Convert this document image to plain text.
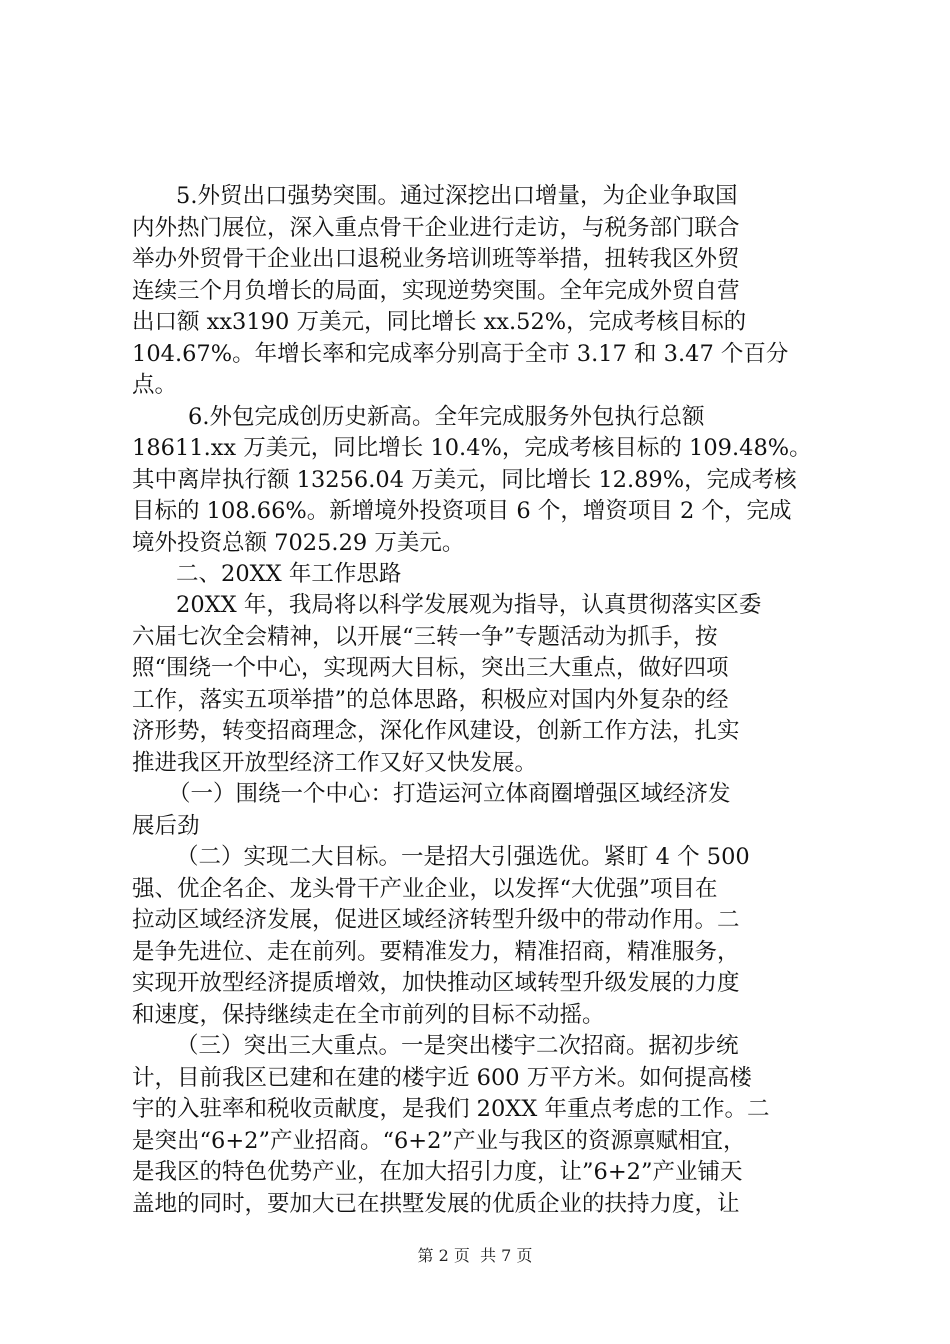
5.外贸出口强势突围。通过深挖出口增量，为企业争取国
内外热门展位，深入重点骨干企业进行走访，与税务部门联合
举办外贸骨干企业出口退税业务培训班等举措，扭转我区外贸
连续三个月负增长的局面，实现逆势突围。全年完成外贸自营
出口额 xx3190 万美元，同比增长 xx.52%，完成考核目标的
104.67%。年增长率和完成率分别高于全市 3.17 和 3.47 个百分
点。
6.外包完成创历史新高。全年完成服务外包执行总额
18611.xx 万美元，同比增长 10.4%，完成考核目标的 109.48%。
其中离岸执行额 13256.04 万美元，同比增长 12.89%，完成考核
目标的 108.66%。新增境外投资项目 6 个，增资项目 2 个，完成
境外投资总额 7025.29 万美元。
二、20XX 年工作思路
20XX 年，我局将以科学发展观为指导，认真贯彻落实区委
六届七次全会精神，以开展“三转一争”专题活动为抓手，按
照“围绕一个中心，实现两大目标，突出三大重点，做好四项
工作，落实五项举措”的总体思路，积极应对国内外复杂的经
济形势，转变招商理念，深化作风建设，创新工作方法，扎实
推进我区开放型经济工作又好又快发展。
（一）围绕一个中心：打造运河立体商圈增强区域经济发
展后劲
（二）实现二大目标。一是招大引强选优。紧盯 4 个 500
强、优企名企、龙头骨干产业企业，以发挥“大优强”项目在
拉动区域经济发展，促进区域经济转型升级中的带动作用。二
是争先进位、走在前列。要精准发力，精准招商，精准服务，
实现开放型经济提质增效，加快推动区域转型升级发展的力度
和速度，保持继续走在全市前列的目标不动摇。
（三）突出三大重点。一是突出楼宇二次招商。据初步统
计，目前我区已建和在建的楼宇近 600 万平方米。如何提高楼
宇的入驻率和税收贡献度，是我们 20XX 年重点考虑的工作。二
是突出“6+2”产业招商。“6+2”产业与我区的资源禀赋相宜，
是我区的特色优势产业，在加大招引力度，让”6+2”产业铺天
盖地的同时，要加大已在拱墅发展的优质企业的扶持力度，让
第 2 页  共 7 页
